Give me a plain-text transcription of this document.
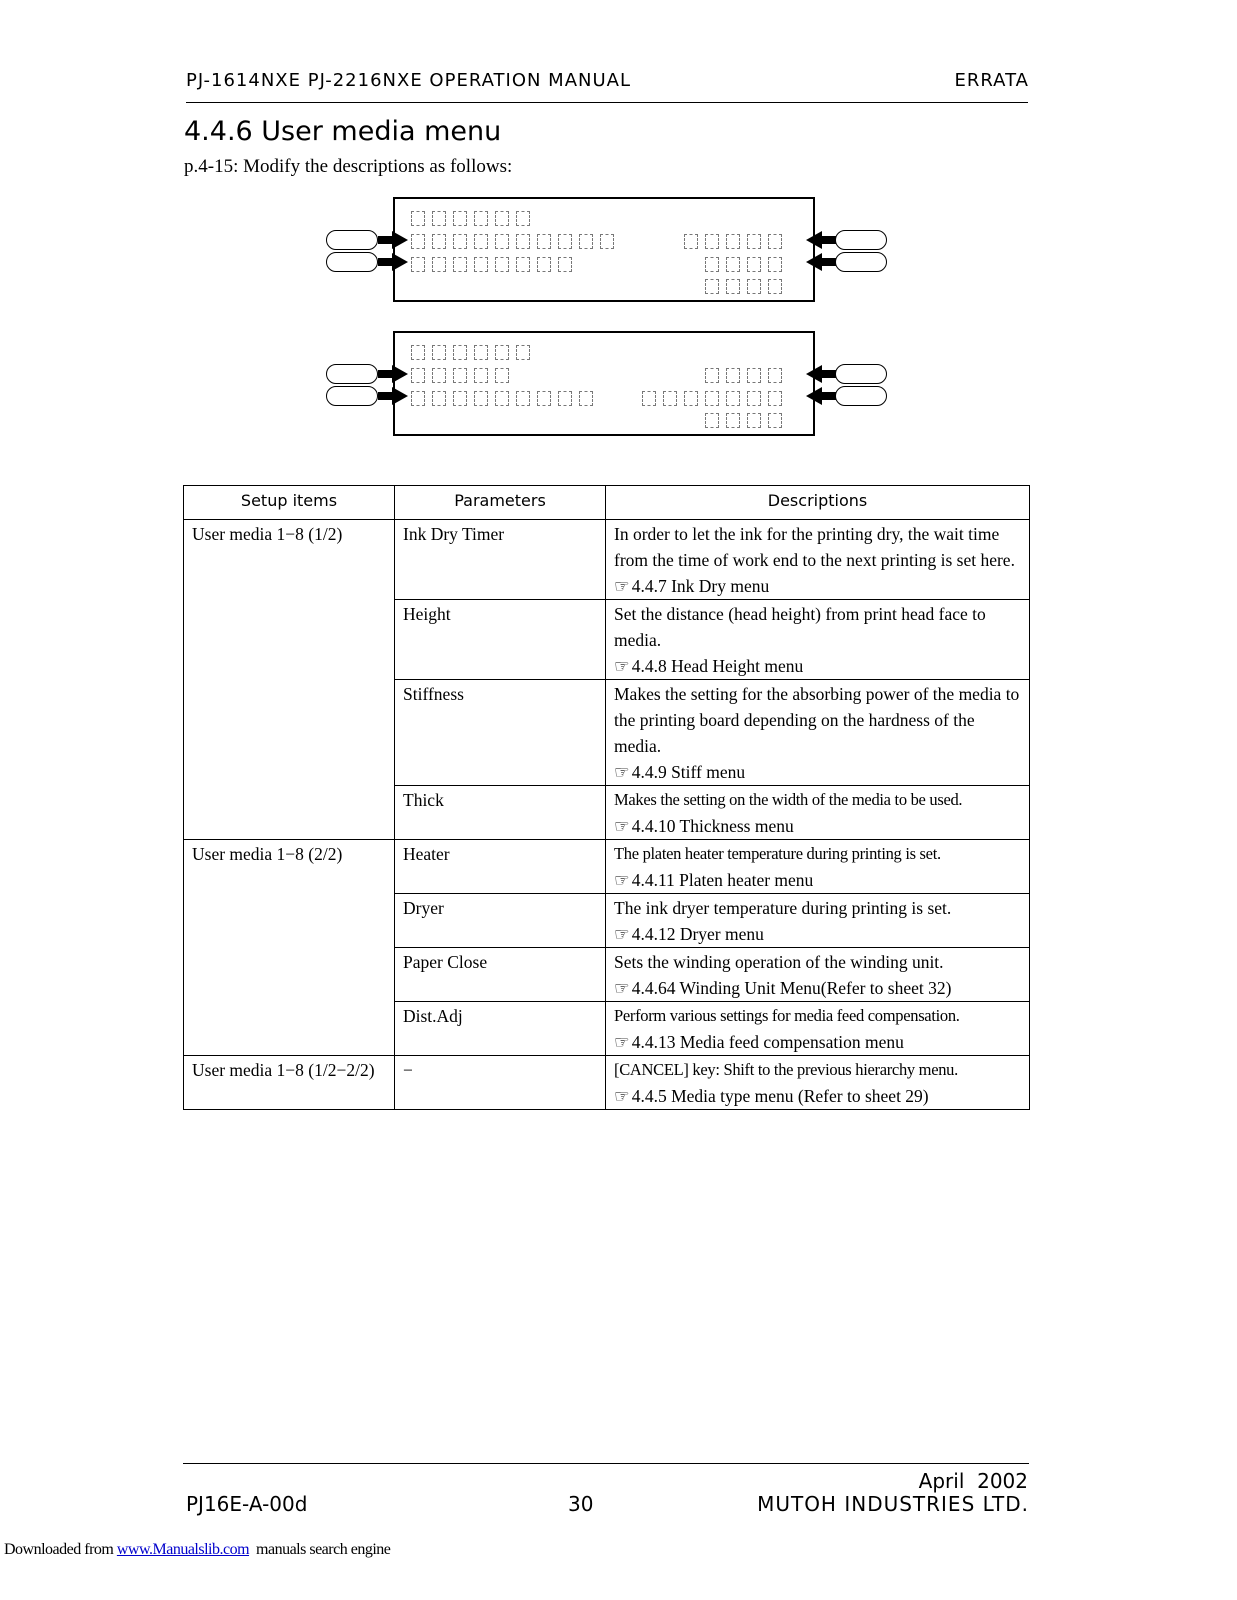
PJ-1614NXE PJ-2216NXE OPERATION MANUAL	ERRATA
4.4.6 User media menu
p.4-15: Modify the descriptions as follows:
Setup items	Parameters	Descriptions
User media 1−8 (1/2)	Ink Dry Timer	In order to let the ink for the printing dry, the wait time from the time of work end to the next printing is set here.
☞ 4.4.7 Ink Dry menu

	Height	Set the distance (head height) from print head face to media.
☞ 4.4.8 Head Height menu

	Stiffness	Makes the setting for the absorbing power of the media to the printing board depending on the hardness of the media.
☞ 4.4.9 Stiff menu

	Thick	Makes the setting on the width of the media to be used.
☞ 4.4.10 Thickness menu

User media 1−8 (2/2)	Heater	The platen heater temperature during printing is set.
☞ 4.4.11 Platen heater menu

	Dryer	The ink dryer temperature during printing is set.
☞ 4.4.12 Dryer menu

	Paper Close	Sets the winding operation of the winding unit.
☞ 4.4.64 Winding Unit Menu(Refer to sheet 32)

	Dist.Adj	Perform various settings for media feed compensation.
☞ 4.4.13 Media feed compensation menu

User media 1−8 (1/2−2/2)	−	[CANCEL] key: Shift to the previous hierarchy menu.
☞ 4.4.5 Media type menu (Refer to sheet 29)
April  2002
PJ16E-A-00d	30	MUTOH INDUSTRIES LTD.
Downloaded from www.Manualslib.com  manuals search engine
